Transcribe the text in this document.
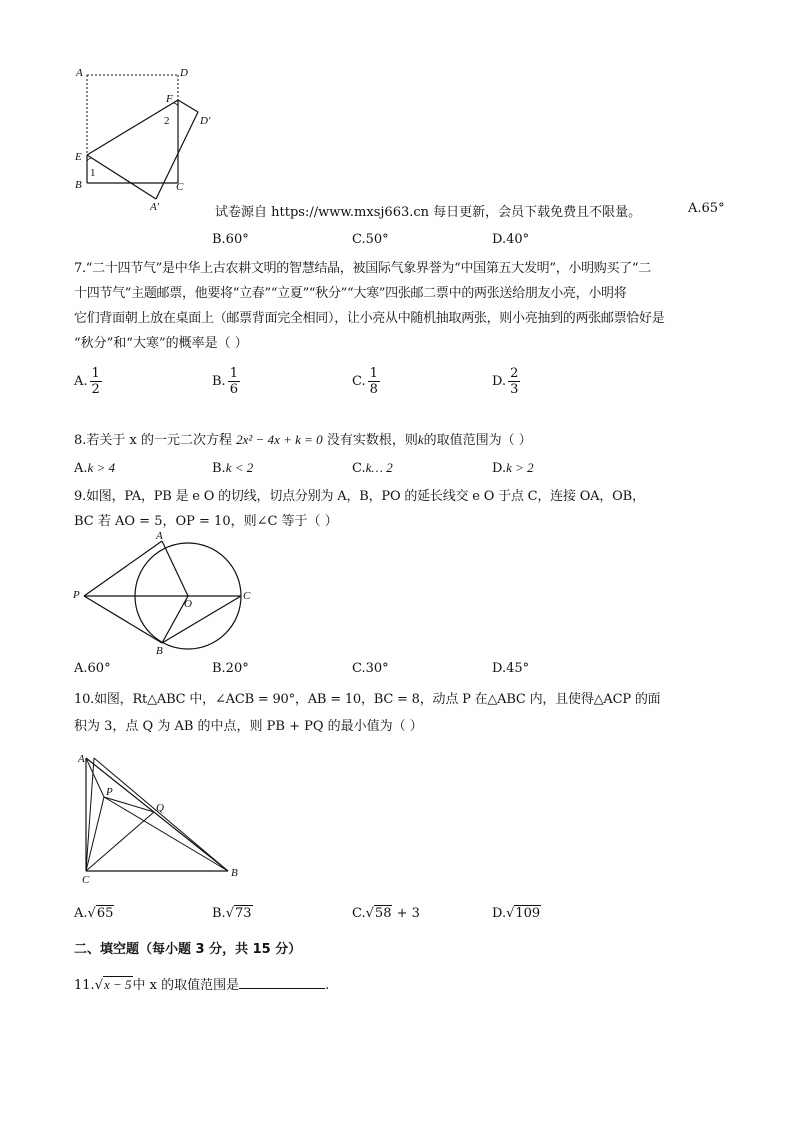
A	D
F
2	D′
E
1
B	C
A′	试卷源自 https://www.mxsj663.cn 每日更新，会员下载免费且不限量。	A.65°
B.60°	C.50°	D.40°
7.“二十四节气”是中华上古农耕文明的智慧结晶，被国际气象界誉为“中国第五大发明”，小明购买了“二
十四节气”主题邮票，他要将“立春”“立夏”“秋分”“大寒”四张邮二票中的两张送给朋友小亮，小明将
它们背面朝上放在桌面上（邮票背面完全相同），让小亮从中随机抽取两张，则小亮抽到的两张邮票恰好是
“秋分”和“大寒”的概率是（ ）
A. $\frac{1}{2}$	B. $\frac{1}{6}$	C. $\frac{1}{8}$	D. $\frac{2}{3}$
8.若关于 x 的一元二次方程 2x² − 4x + k = 0 没有实数根，则k的取值范围为（ ）
A.k > 4	B.k < 2	C.k… 2	D.k > 2
9.如图，PA，PB 是 e O 的切线，切点分别为 A，B，PO 的延长线交 e O 于点 C，连接 OA，OB，
BC 若 AO = 5，OP = 10，则∠C 等于（ ）
A
P
O
C
B
A.60°	B.20°	C.30°	D.45°
10.如图，Rt△ABC 中，∠ACB = 90°，AB = 10，BC = 8，动点 P 在△ABC 内，且使得△ACP 的面
积为 3，点 Q 为 AB 的中点，则 PB + PQ 的最小值为（ ）
A
P
Q
C
B
A.√65	B.√73	C.√58 + 3	D.√109
二、填空题（每小题 3 分，共 15 分）
11.√x − 5中 x 的取值范围是	.
